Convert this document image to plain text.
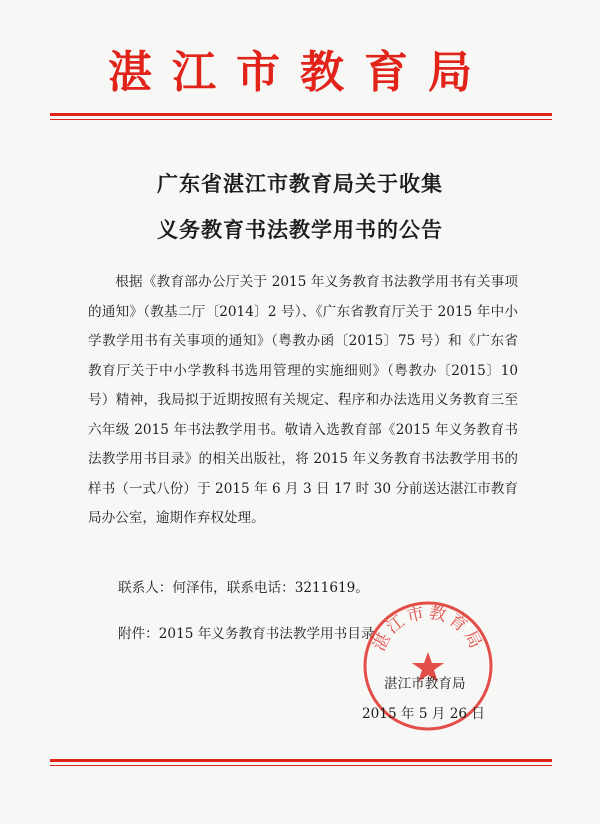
湛江市教育局
广东省湛江市教育局关于收集
义务教育书法教学用书的公告

根据《教育部办公厅关于 2015 年义务教育书法教学用书有关事项的通知》（教基二厅〔2014〕2 号）、《广东省教育厅关于 2015 年中小学教学用书有关事项的通知》（粤教办函〔2015〕75 号）和《广东省教育厅关于中小学教科书选用管理的实施细则》（粤教办〔2015〕10 号）精神，我局拟于近期按照有关规定、程序和办法选用义务教育三至六年级 2015 年书法教学用书。敬请入选教育部《2015 年义务教育书法教学用书目录》的相关出版社，将 2015 年义务教育书法教学用书的样书（一式八份）于 2015 年 6 月 3 日 17 时 30 分前送达湛江市教育局办公室，逾期作弃权处理。

联系人：何泽伟，联系电话：3211619。
附件：2015 年义务教育书法教学用书目录
湛江市教育局
湛江市教育局
2015 年 5 月 26 日
